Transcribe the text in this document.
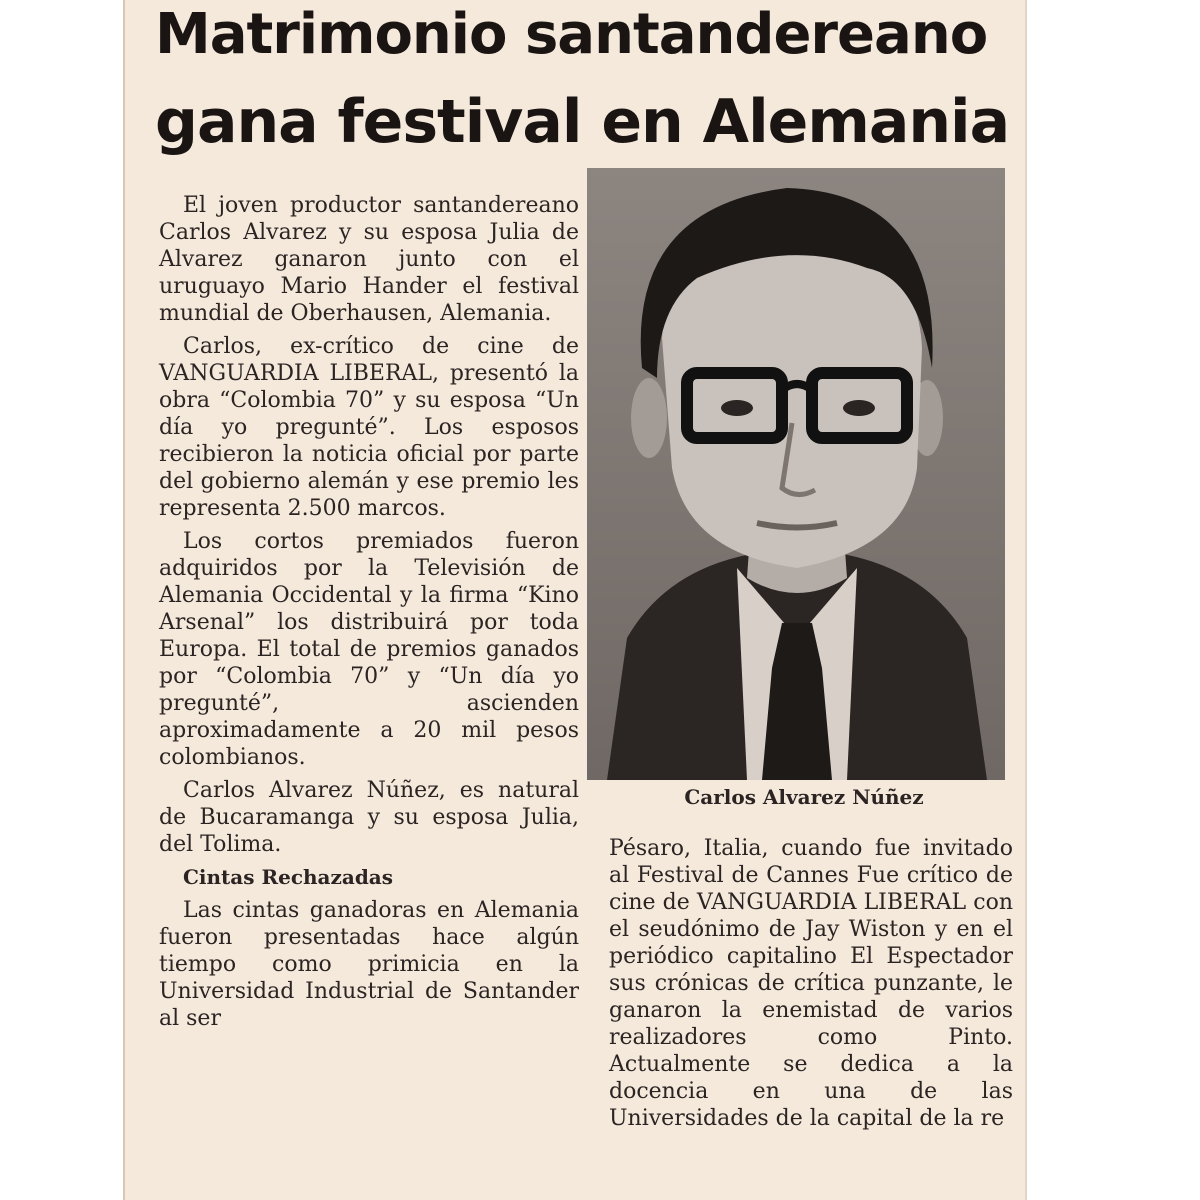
Matrimonio santandereano
gana festival en Alemania

El joven productor santandereano Carlos Alvarez y su esposa Julia de Alvarez ganaron junto con el uruguayo Mario Hander el festival mundial de Oberhausen, Alemania.

Carlos, ex-crítico de cine de VANGUARDIA LIBERAL, presentó la obra “Colombia 70” y su esposa “Un día yo pregunté”. Los esposos recibieron la noticia oficial por parte del gobierno alemán y ese premio les representa 2.500 marcos.

Los cortos premiados fueron adquiridos por la Televisión de Alemania Occidental y la firma “Kino Arsenal” los distribuirá por toda Europa. El total de premios ganados por “Colombia 70” y “Un día yo pregunté”, ascienden aproximadamente a 20 mil pesos colombianos.

Carlos Alvarez Núñez, es natural de Bucaramanga y su esposa Julia, del Tolima.

Cintas Rechazadas

Las cintas ganadoras en Alemania fueron presentadas hace algún tiempo como primicia en la Universidad Industrial de Santander al ser

Carlos Alvarez Núñez

Pésaro, Italia, cuando fue invitado al Festival de Cannes Fue crítico de cine de VANGUARDIA LIBERAL con el seudónimo de Jay Wiston y en el periódico capitalino El Espectador sus crónicas de crítica punzante, le ganaron la enemistad de varios realizadores como Pinto. Actualmente se dedica a la docencia en una de las Universidades de la capital de la re
